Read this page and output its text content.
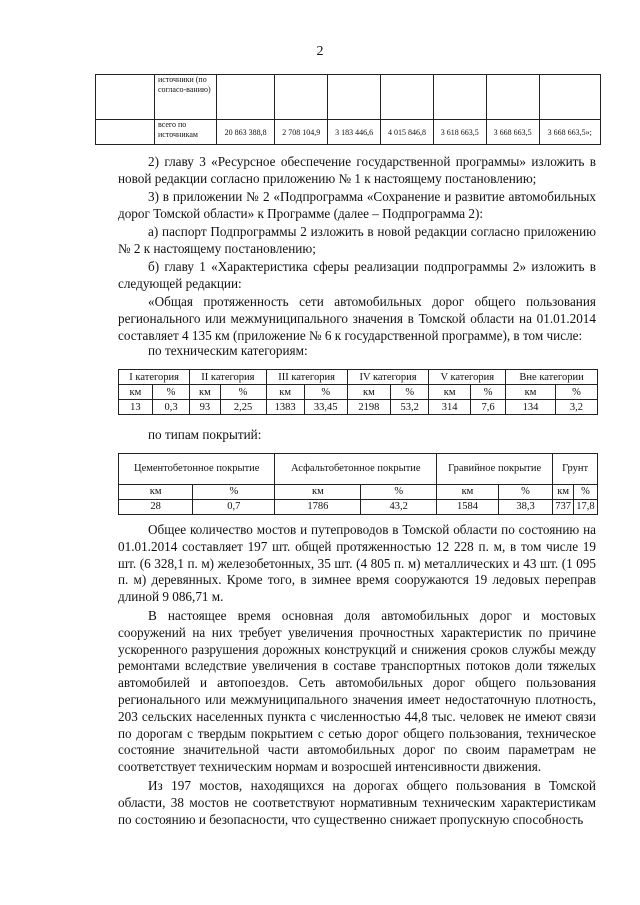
2
	источники (по согласо-ванию)							
	всего по источникам	20 863 388,8	2 708 104,9	3 183 446,6	4 015 846,8	3 618 663,5	3 668 663,5	3 668 663,5»;

2) главу 3 «Ресурсное обеспечение государственной программы» изложить в новой редакции согласно приложению № 1 к настоящему постановлению;

3) в приложении № 2 «Подпрограмма «Сохранение и развитие автомобильных дорог Томской области» к Программе (далее – Подпрограмма 2):

а) паспорт Подпрограммы 2 изложить в новой редакции согласно приложению № 2 к настоящему постановлению;

б) главу 1 «Характеристика сферы реализации подпрограммы 2» изложить в следующей редакции:

«Общая протяженность сети автомобильных дорог общего пользования регионального или межмуниципального значения в Томской области на 01.01.2014 составляет 4 135 км (приложение № 6 к государственной программе), в том числе:

по техническим категориям:

I категория		II категория		III категория		IV категория		V категория		Вне категории	
км	%	км	%	км	%	км	%	км	%	км	%
13	0,3	93	2,25	1383	33,45	2198	53,2	314	7,6	134	3,2

по типам покрытий:

Цементобетонное покрытие		Асфальтобетонное покрытие		Гравийное покрытие		Грунт	
км	%	км	%	км	%	км	%
28	0,7	1786	43,2	1584	38,3	737	17,8

Общее количество мостов и путепроводов в Томской области по состоянию на 01.01.2014 составляет 197 шт. общей протяженностью 12 228 п. м, в том числе 19 шт. (6 328,1 п. м) железобетонных, 35 шт. (4 805 п. м) металлических и 43 шт. (1 095 п. м) деревянных. Кроме того, в зимнее время сооружаются 19 ледовых переправ длиной 9 086,71 м.

В настоящее время основная доля автомобильных дорог и мостовых сооружений на них требует увеличения прочностных характеристик по причине ускоренного разрушения дорожных конструкций и снижения сроков службы между ремонтами вследствие увеличения в составе транспортных потоков доли тяжелых автомобилей и автопоездов. Сеть автомобильных дорог общего пользования регионального или межмуниципального значения имеет недостаточную плотность, 203 сельских населенных пункта с численностью 44,8 тыс. человек не имеют связи по дорогам с твердым покрытием с сетью дорог общего пользования, техническое состояние значительной части автомобильных дорог по своим параметрам не соответствует техническим нормам и возросшей интенсивности движения.

Из 197 мостов, находящихся на дорогах общего пользования в Томской области, 38 мостов не соответствуют нормативным техническим характеристикам по состоянию и безопасности, что существенно снижает пропускную способность
